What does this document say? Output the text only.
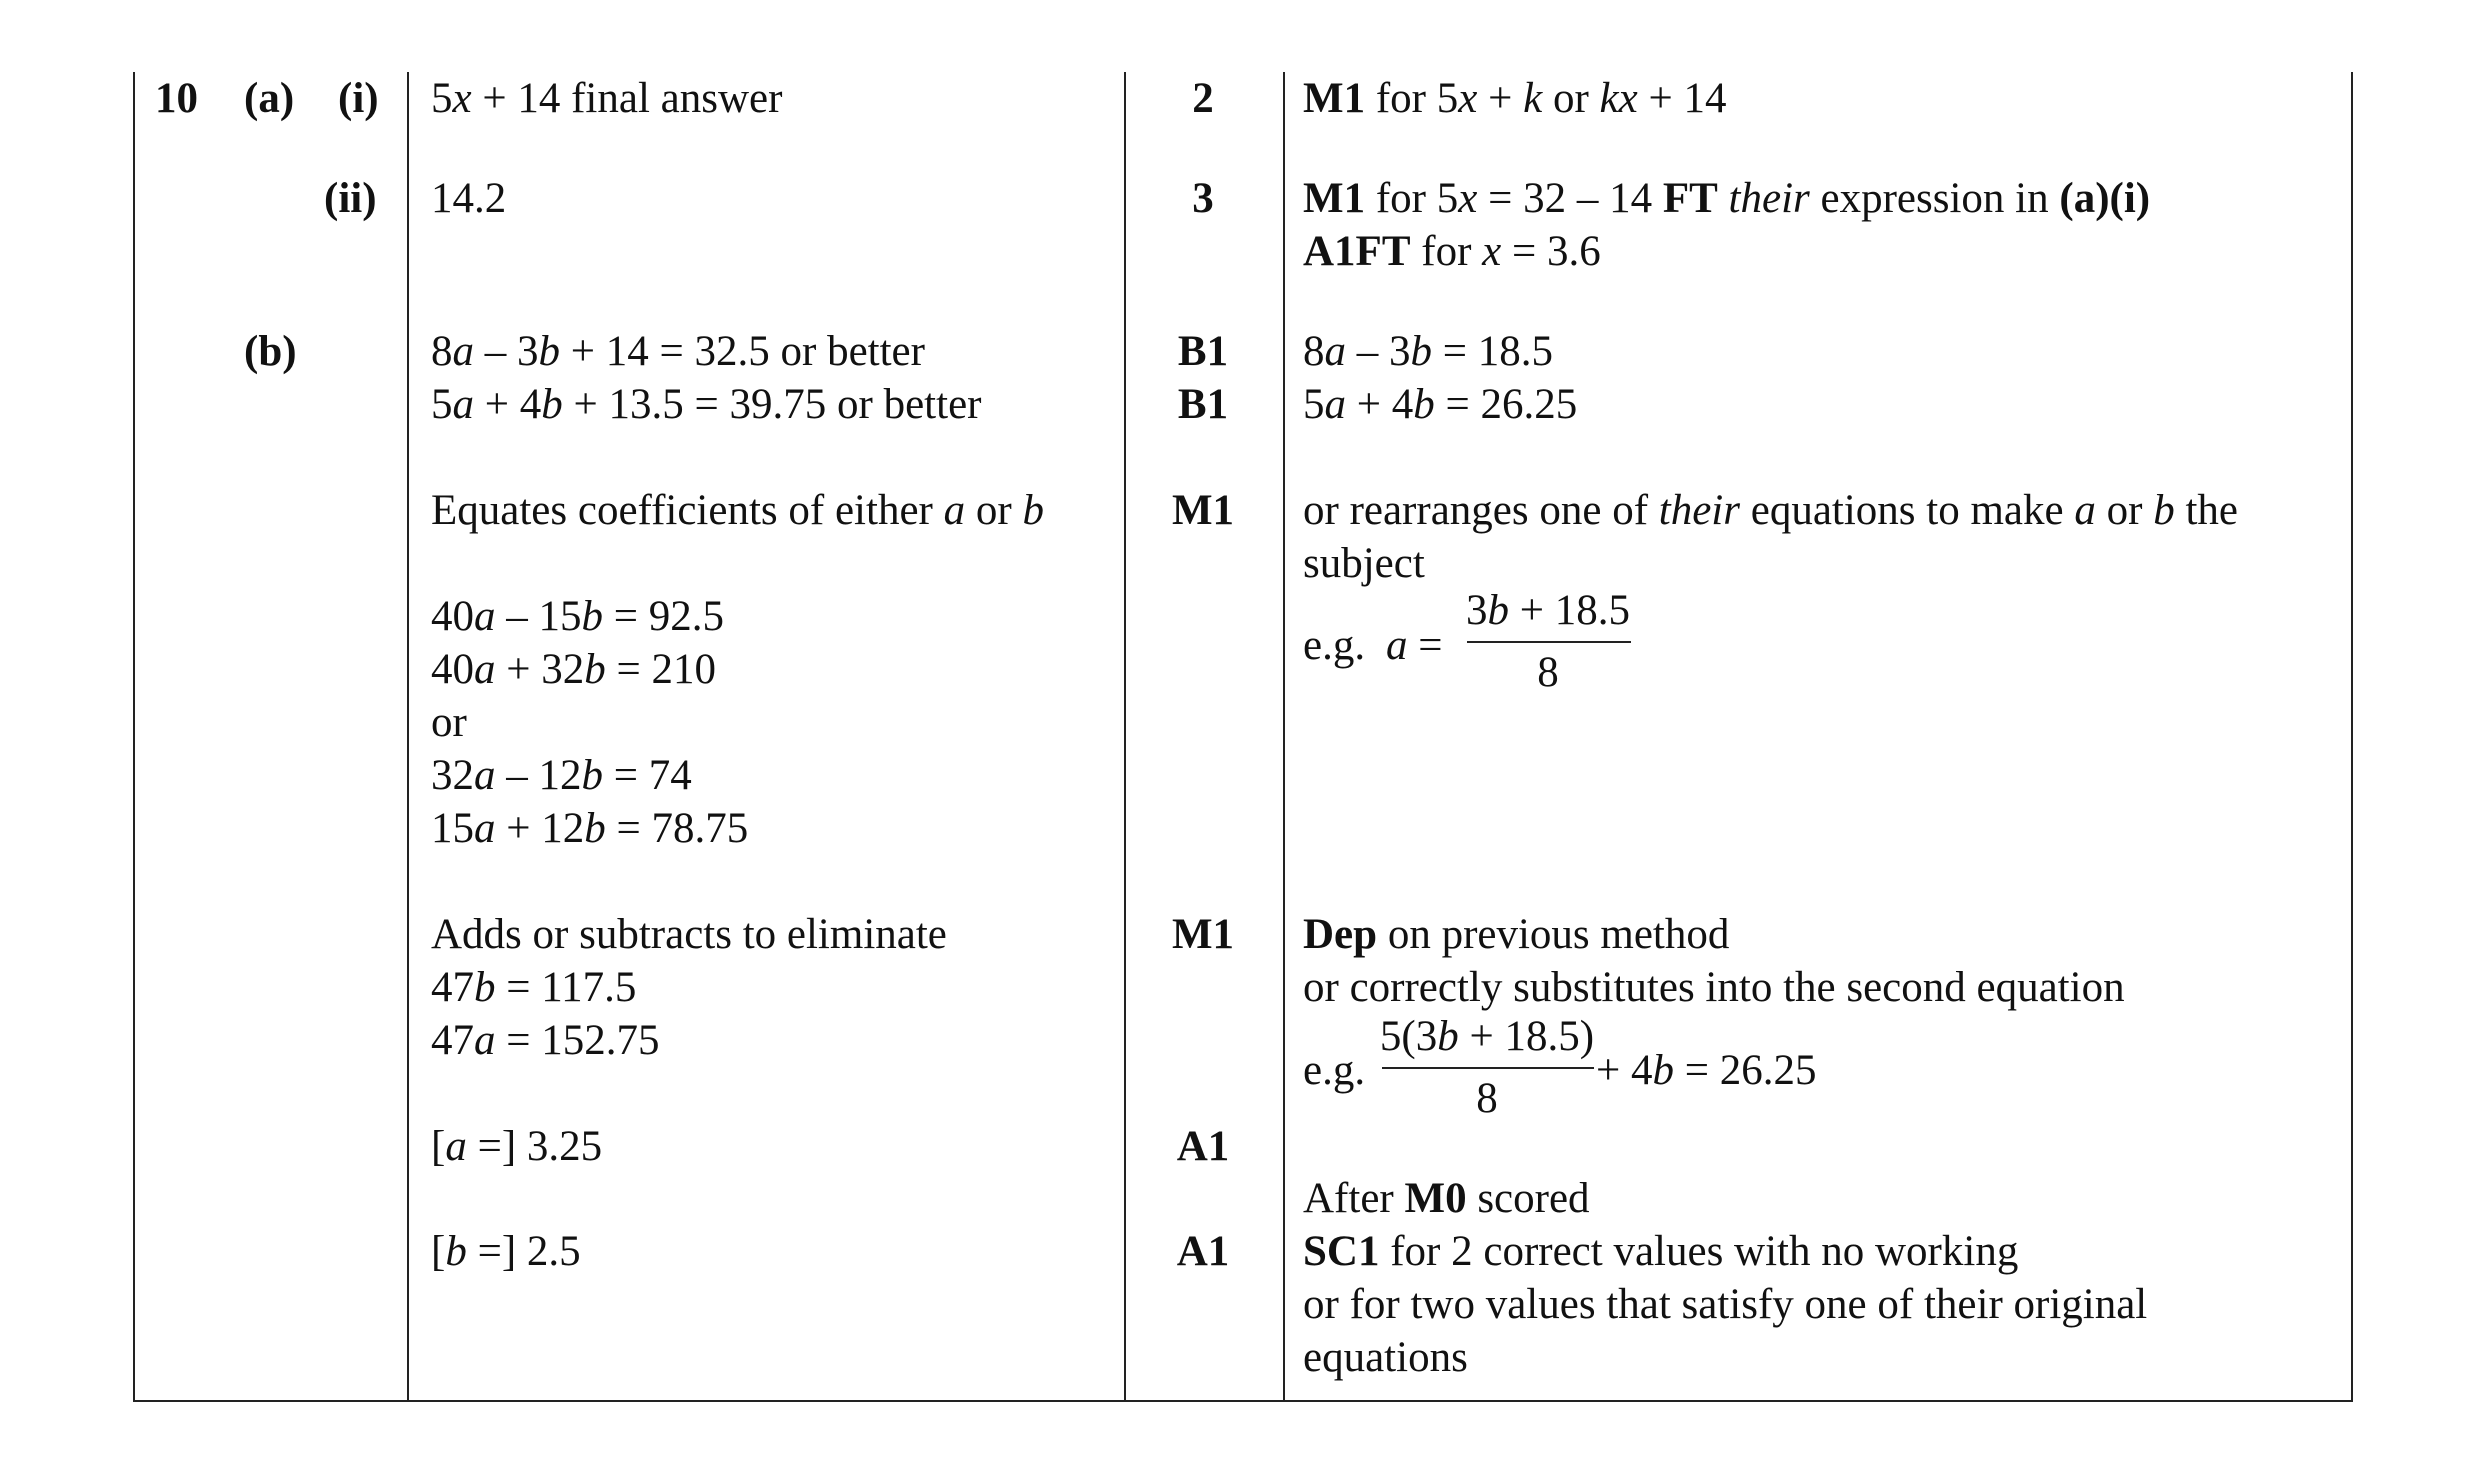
10 (a) (i)
(ii)
(b)
5x + 14 final answer
14.2
8a – 3b + 14 = 32.5 or better
5a + 4b + 13.5 = 39.75 or better
Equates coefficients of either a or b
40a – 15b = 92.5
40a + 32b = 210
or
32a – 12b = 74
15a + 12b = 78.75
Adds or subtracts to eliminate
47b = 117.5
47a = 152.75
[a =] 3.25
[b =] 2.5
2
3
B1
B1
M1
M1
A1
A1
M1 for 5x + k or kx + 14
M1 for 5x = 32 – 14 FT their expression in (a)(i)
A1FT for x = 3.6
8a – 3b = 18.5
5a + 4b = 26.25
or rearranges one of their equations to make a or b the
subject
e.g. a =
3b + 18.5
8
Dep on previous method
or correctly substitutes into the second equation
e.g.
5(3b + 18.5)
8
+ 4b = 26.25
After M0 scored
SC1 for 2 correct values with no working
or for two values that satisfy one of their original
equations
